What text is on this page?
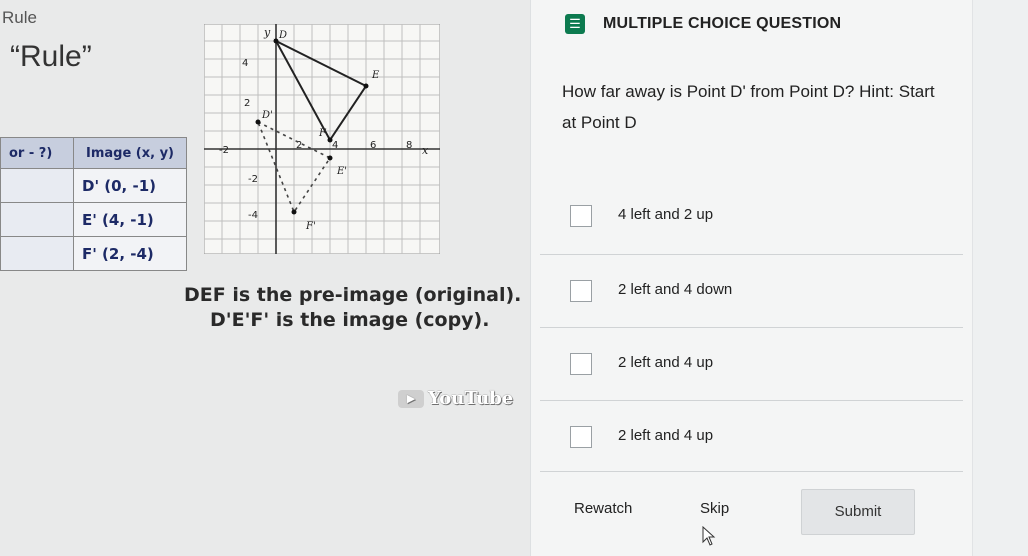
Rule
“Rule”
or - ?)	Image (x, y)
	D' (0, -1)
	E' (4, -1)
	F' (2, -4)
y
x
4
2
-2	2	4	6	8
-2
-4
D
E
F
D'
E'
F'
DEF is the pre-image (original).
D'E'F' is the image (copy).
▶ YouTube
☰ MULTIPLE CHOICE QUESTION
How far away is Point D' from Point D? Hint: Start at Point D
4 left and 2 up
2 left and 4 down
2 left and 4 up
2 left and 4 up
Rewatch	Skip	Submit
